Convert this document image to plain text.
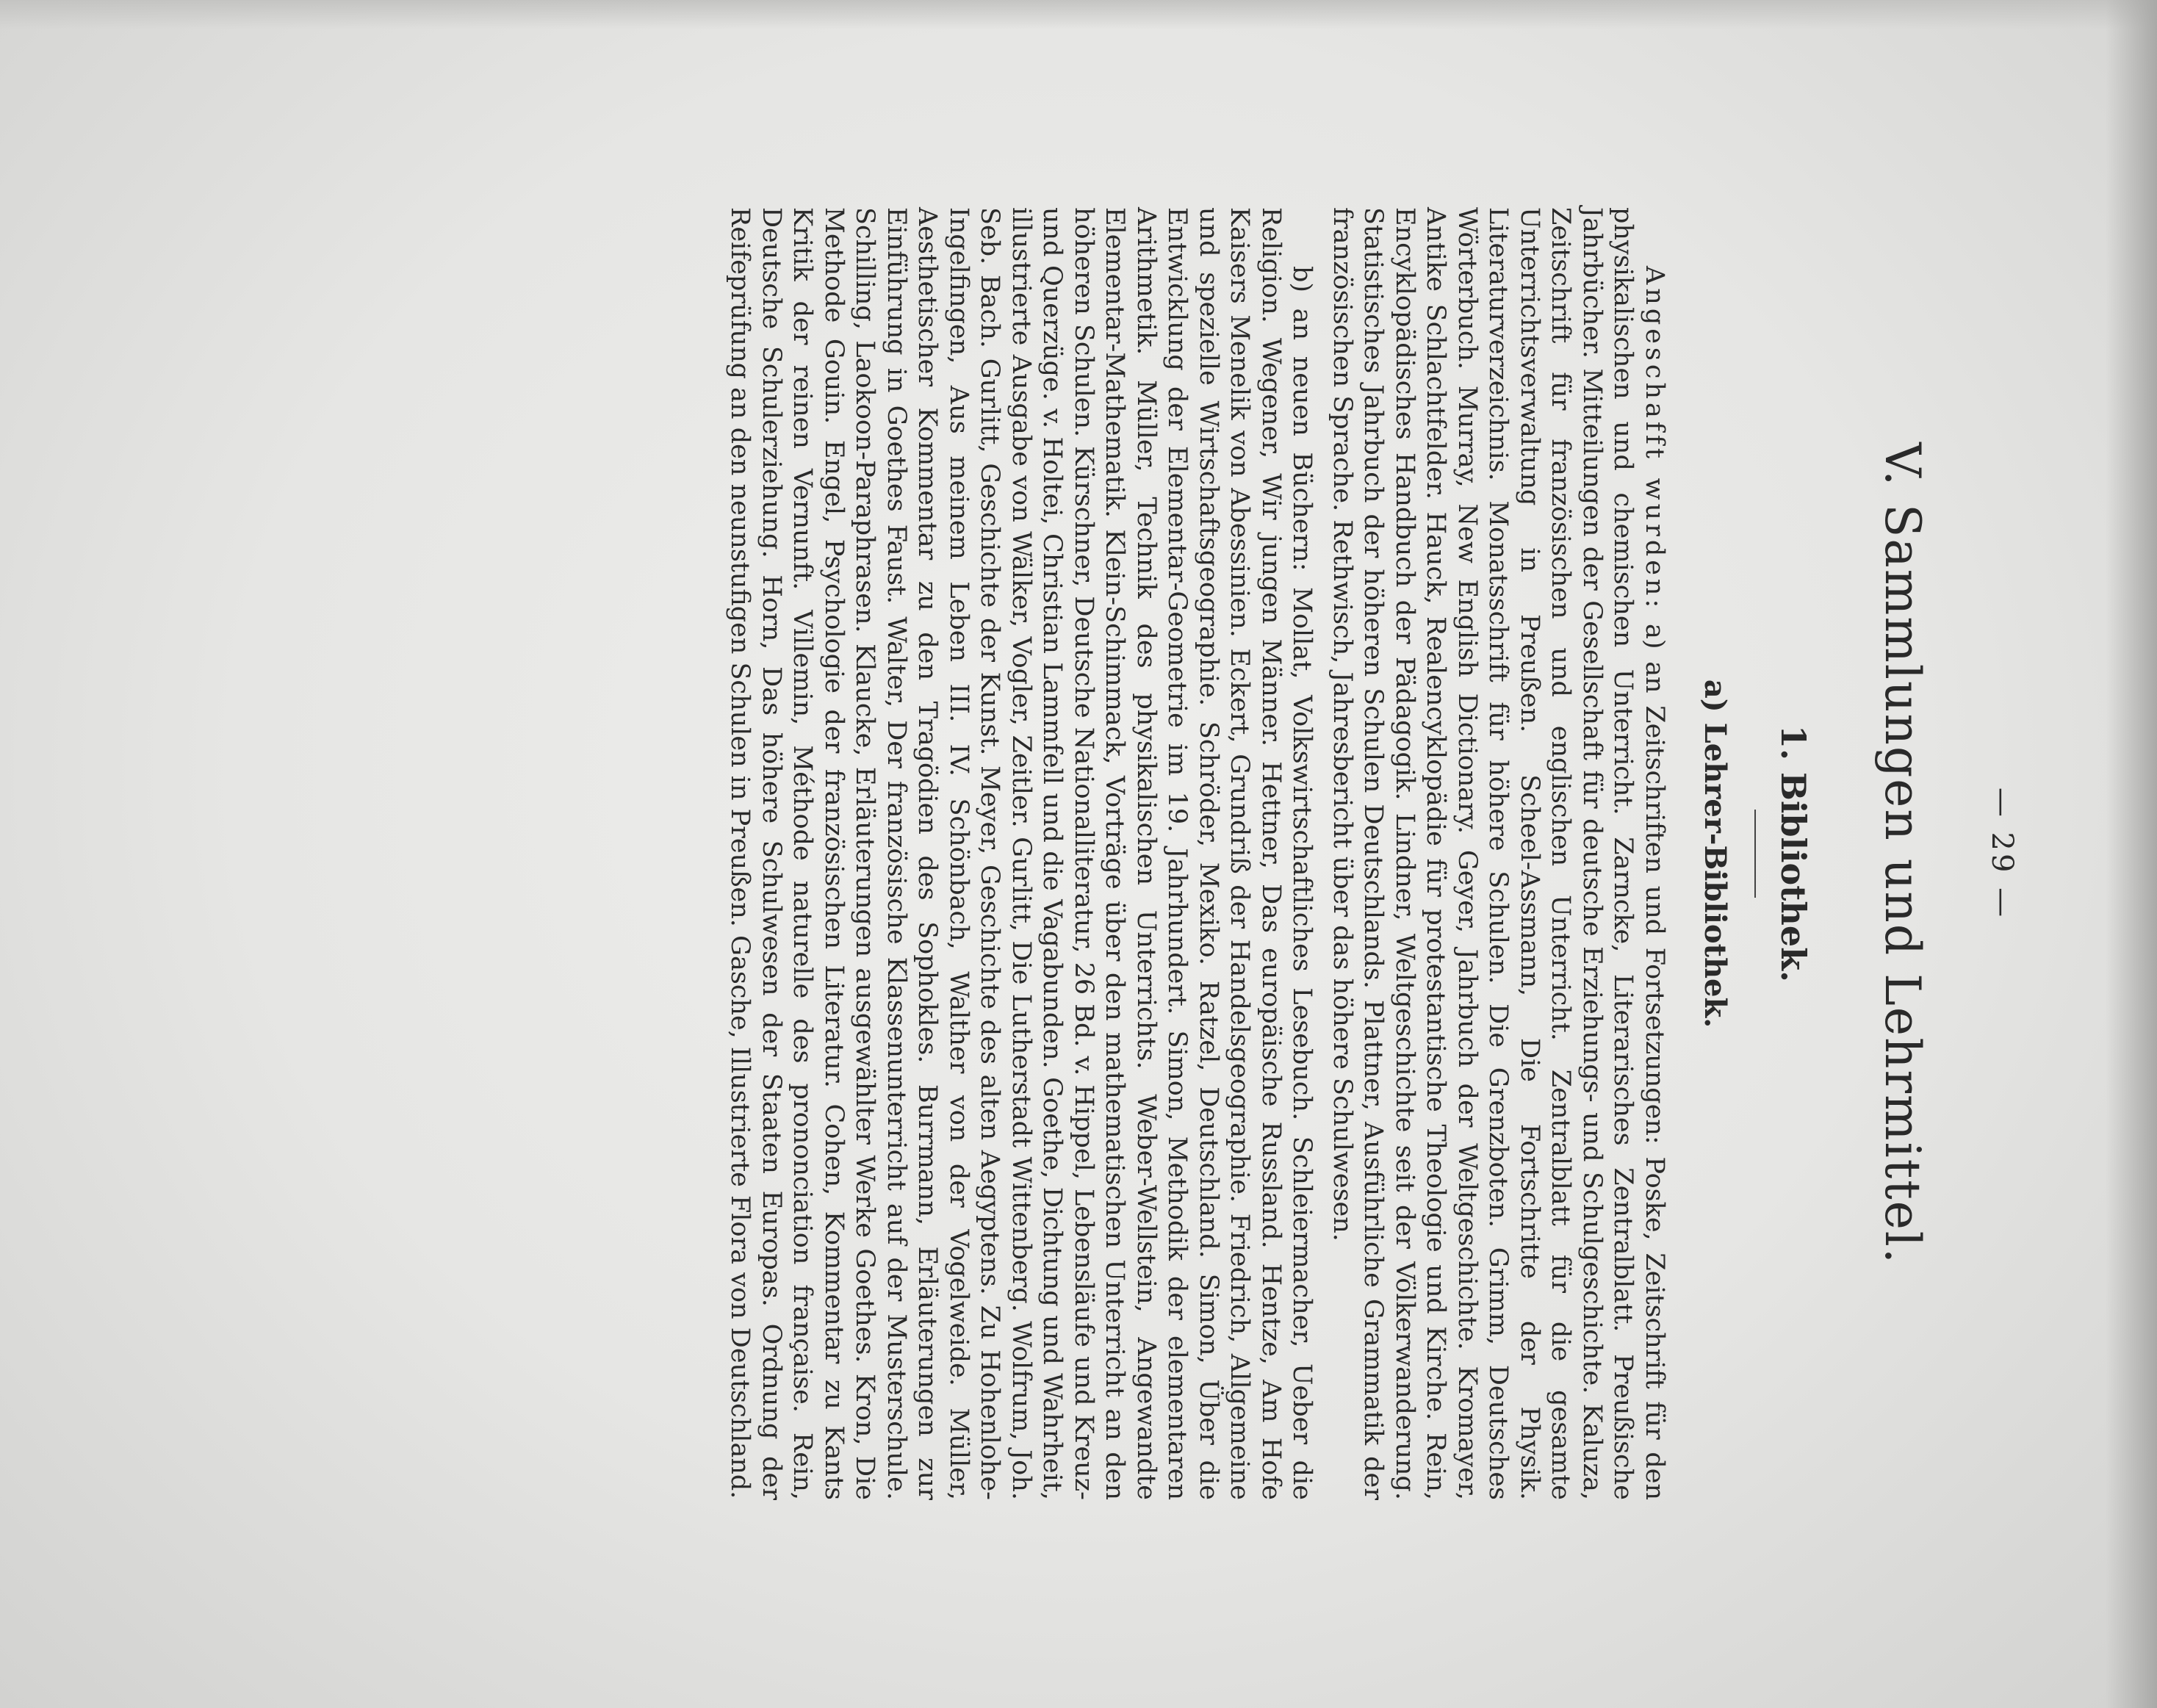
— 29 —
V. Sammlungen und Lehrmittel.
1. Bibliothek.
a) Lehrer-Bibliothek.

Angeschafft wurden: a) an Zeitschriften und Fortsetzungen: Poske, Zeitschrift für den physikalischen und chemischen Unterricht. Zarncke, Literarisches Zentralblatt. Preußische Jahrbücher. Mitteilungen der Gesellschaft für deutsche Erziehungs- und Schulgeschichte. Kaluza, Zeitschrift für französischen und englischen Unterricht. Zentralblatt für die gesamte Unterrichtsverwaltung in Preußen. Scheel-Assmann, Die Fortschritte der Physik. Literaturverzeichnis. Monatsschrift für höhere Schulen. Die Grenzboten. Grimm, Deutsches Wörterbuch. Murray, New English Dictionary. Geyer, Jahrbuch der Weltgeschichte. Kromayer, Antike Schlachtfelder. Hauck, Realencyklopädie für protestantische Theologie und Kirche. Rein, Encyklopädisches Handbuch der Pädagogik. Lindner, Weltgeschichte seit der Völkerwanderung. Statistisches Jahrbuch der höheren Schulen Deutschlands. Plattner, Ausführliche Grammatik der französischen Sprache. Rethwisch, Jahresbericht über das höhere Schulwesen.

b) an neuen Büchern: Mollat, Volkswirtschaftliches Lesebuch. Schleiermacher, Ueber die Religion. Wegener, Wir jungen Männer. Hettner, Das europäische Russland. Hentze, Am Hofe Kaisers Menelik von Abessinien. Eckert, Grundriß der Handelsgeographie. Friedrich, Allgemeine und spezielle Wirtschaftsgeographie. Schröder, Mexiko. Ratzel, Deutschland. Simon, Über die Entwicklung der Elementar-Geometrie im 19. Jahrhundert. Simon, Methodik der elementaren Arithmetik. Müller, Technik des physikalischen Unterrichts. Weber-Wellstein, Angewandte Elementar-Mathematik. Klein-Schimmack, Vorträge über den mathematischen Unterricht an den höheren Schulen. Kürschner, Deutsche Nationalliteratur, 26 Bd. v. Hippel, Lebensläufe und Kreuz- und Querzüge. v. Holtei, Christian Lammfell und die Vagabunden. Goethe, Dichtung und Wahrheit, illustrierte Ausgabe von Wälker, Vogler, Zeitler. Gurlitt, Die Lutherstadt Wittenberg. Wolfrum, Joh. Seb. Bach. Gurlitt, Geschichte der Kunst. Meyer, Geschichte des alten Aegyptens. Zu Hohenlohe-Ingelfingen, Aus meinem Leben III. IV. Schönbach, Walther von der Vogelweide. Müller, Aesthetischer Kommentar zu den Tragödien des Sophokles. Burrmann, Erläuterungen zur Einführung in Goethes Faust. Walter, Der französische Klassenunterricht auf der Musterschule. Schilling, Laokoon-Paraphrasen. Klaucke, Erläuterungen ausgewählter Werke Goethes. Kron, Die Methode Gouin. Engel, Psychologie der französischen Literatur. Cohen, Kommentar zu Kants Kritik der reinen Vernunft. Villemin, Méthode naturelle des prononciation française. Rein, Deutsche Schulerziehung. Horn, Das höhere Schulwesen der Staaten Europas. Ordnung der Reifeprüfung an den neunstufigen Schulen in Preußen. Gasche, Illustrierte Flora von Deutschland.
